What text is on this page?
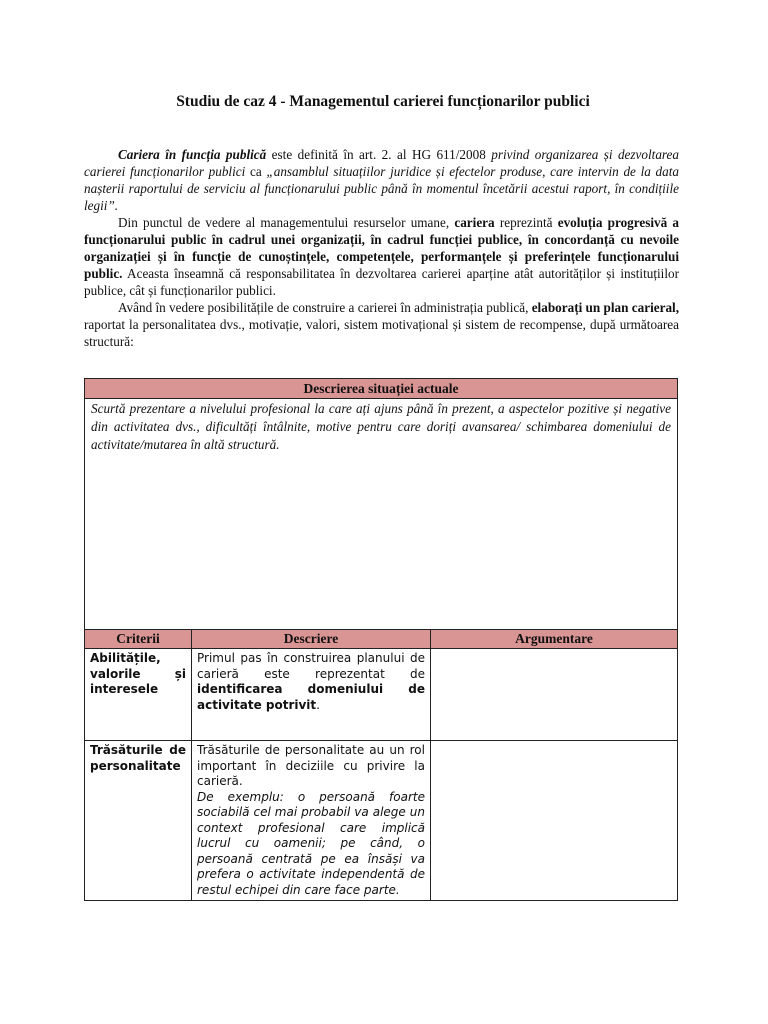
Studiu de caz 4 - Managementul carierei funcționarilor publici

Cariera în funcția publică este definită în art. 2. al HG 611/2008 privind organizarea și dezvoltarea carierei funcționarilor publici ca „ansamblul situațiilor juridice și efectelor produse, care intervin de la data nașterii raportului de serviciu al funcționarului public până în momentul încetării acestui raport, în condițiile legii”.

Din punctul de vedere al managementului resurselor umane, cariera reprezintă evoluția progresivă a funcționarului public în cadrul unei organizații, în cadrul funcției publice, în concordanță cu nevoile organizației și în funcție de cunoștințele, competențele, performanțele și preferințele funcționarului public. Aceasta înseamnă că responsabilitatea în dezvoltarea carierei aparține atât autorităților și instituțiilor publice, cât și funcționarilor publici.

Având în vedere posibilitățile de construire a carierei în administrația publică, elaborați un plan carieral, raportat la personalitatea dvs., motivație, valori, sistem motivațional și sistem de recompense, după următoarea structură:

Descrierea situației actuale
Scurtă prezentare a nivelului profesional la care ați ajuns până în prezent, a aspectelor pozitive și negative din activitatea dvs., dificultăți întâlnite, motive pentru care doriți avansarea/ schimbarea domeniului de activitate/mutarea în altă structură.
Criterii	Descriere	Argumentare

Abilitățile, valorile și interesele	Primul pas în construirea planului de carieră este reprezentat de identificarea domeniului de activitate potrivit.	

Trăsăturile de personalitate	Trăsăturile de personalitate au un rol important în deciziile cu privire la carieră.
De exemplu: o persoană foarte sociabilă cel mai probabil va alege un context profesional care implică lucrul cu oamenii; pe când, o persoană centrată pe ea însăși va prefera o activitate independentă de restul echipei din care face parte.	
